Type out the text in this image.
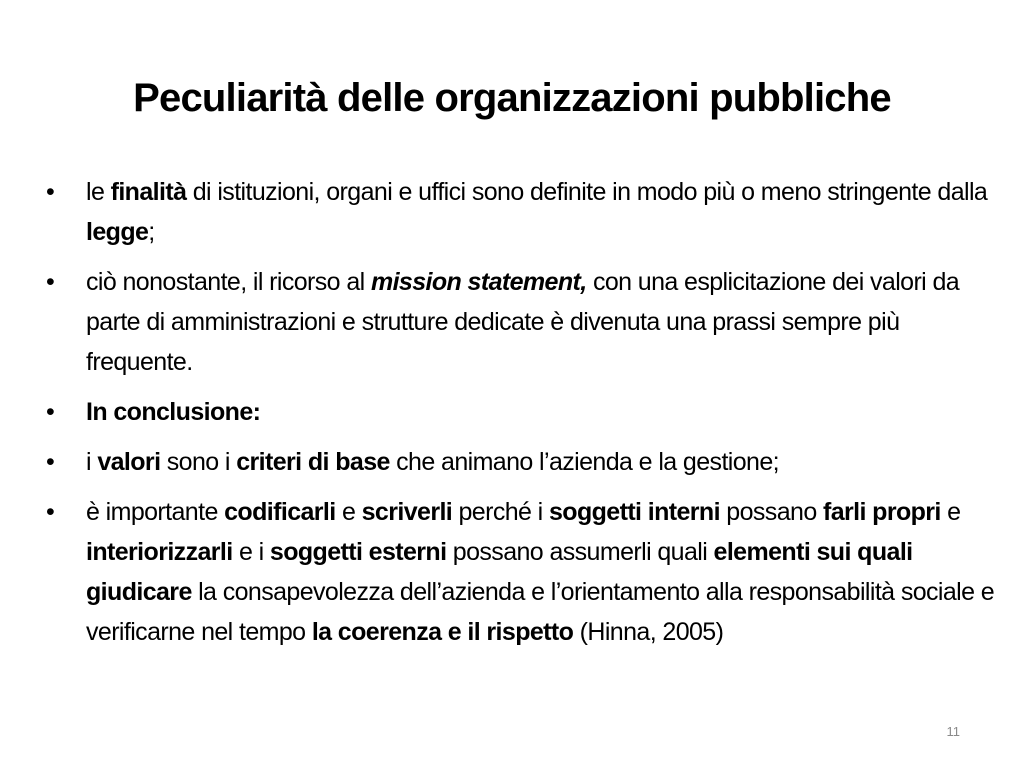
Peculiarità delle organizzazioni pubbliche
•	le finalità di istituzioni, organi e uffici sono definite in modo più o meno stringente dalla legge;
•	ciò nonostante, il ricorso al mission statement, con una esplicitazione dei valori da parte di amministrazioni e strutture dedicate è divenuta una prassi sempre più frequente.
•	In conclusione:
•	i valori sono i criteri di base che animano l’azienda e la gestione;
•	è importante codificarli e scriverli perché i soggetti interni possano farli propri e interiorizzarli e i soggetti esterni possano assumerli quali elementi sui quali giudicare la consapevolezza dell’azienda e l’orientamento alla responsabilità sociale e verificarne nel tempo la coerenza e il rispetto (Hinna, 2005)
11
